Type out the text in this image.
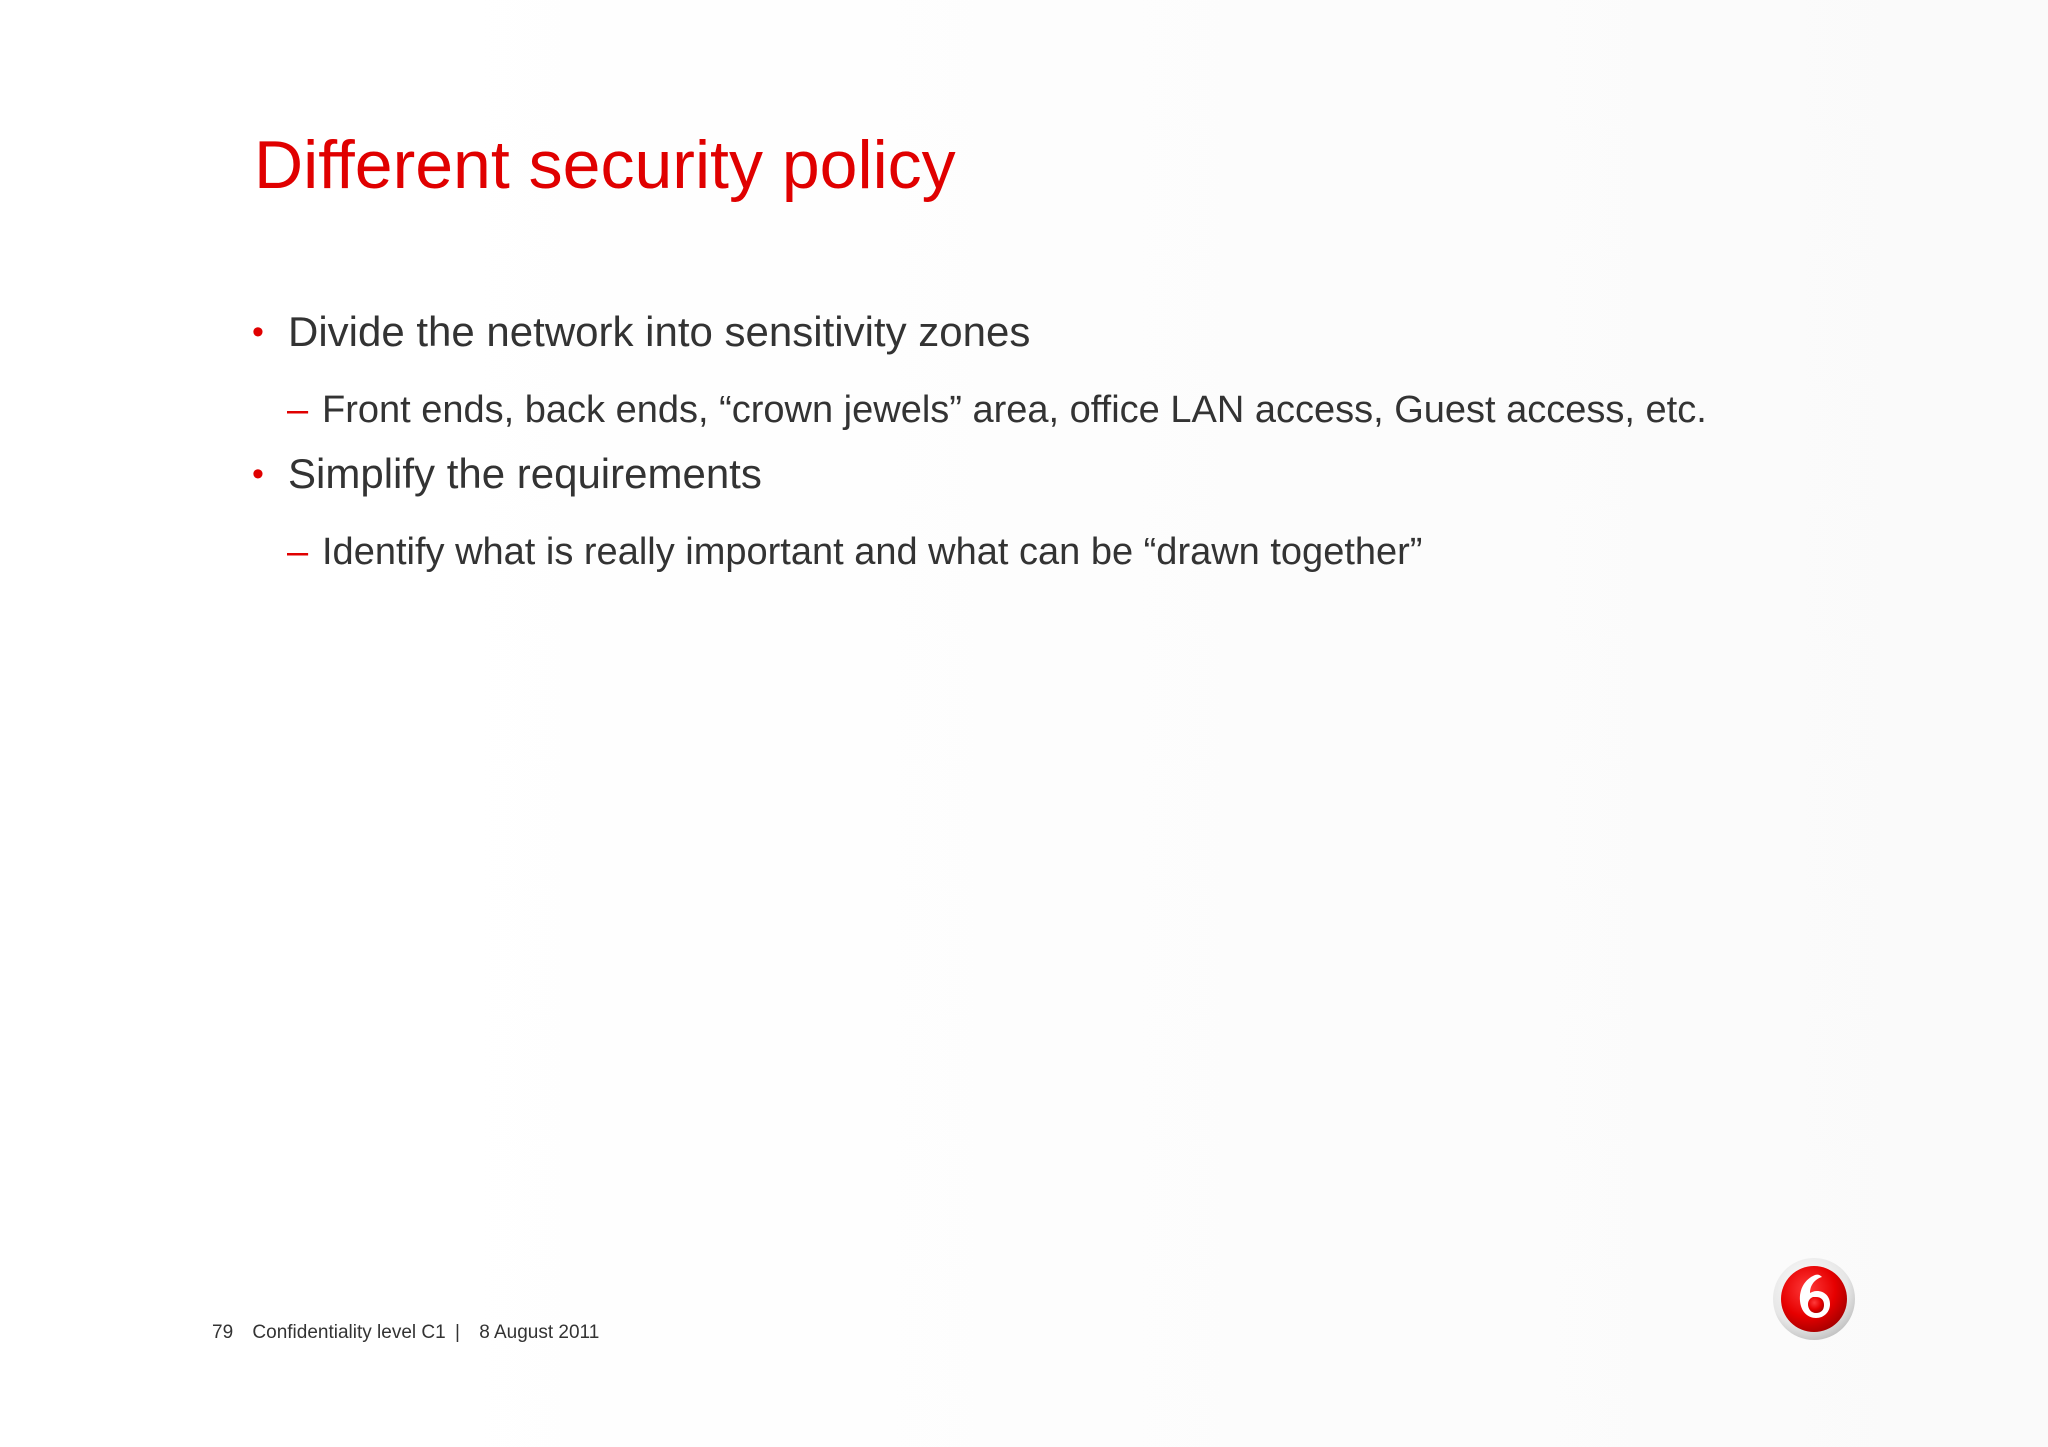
Different security policy
• Divide the network into sensitivity zones
– Front ends, back ends, “crown jewels” area, office LAN access, Guest access, etc.
• Simplify the requirements
– Identify what is really important and what can be “drawn together”
79 Confidentiality level C1 | 8 August 2011
